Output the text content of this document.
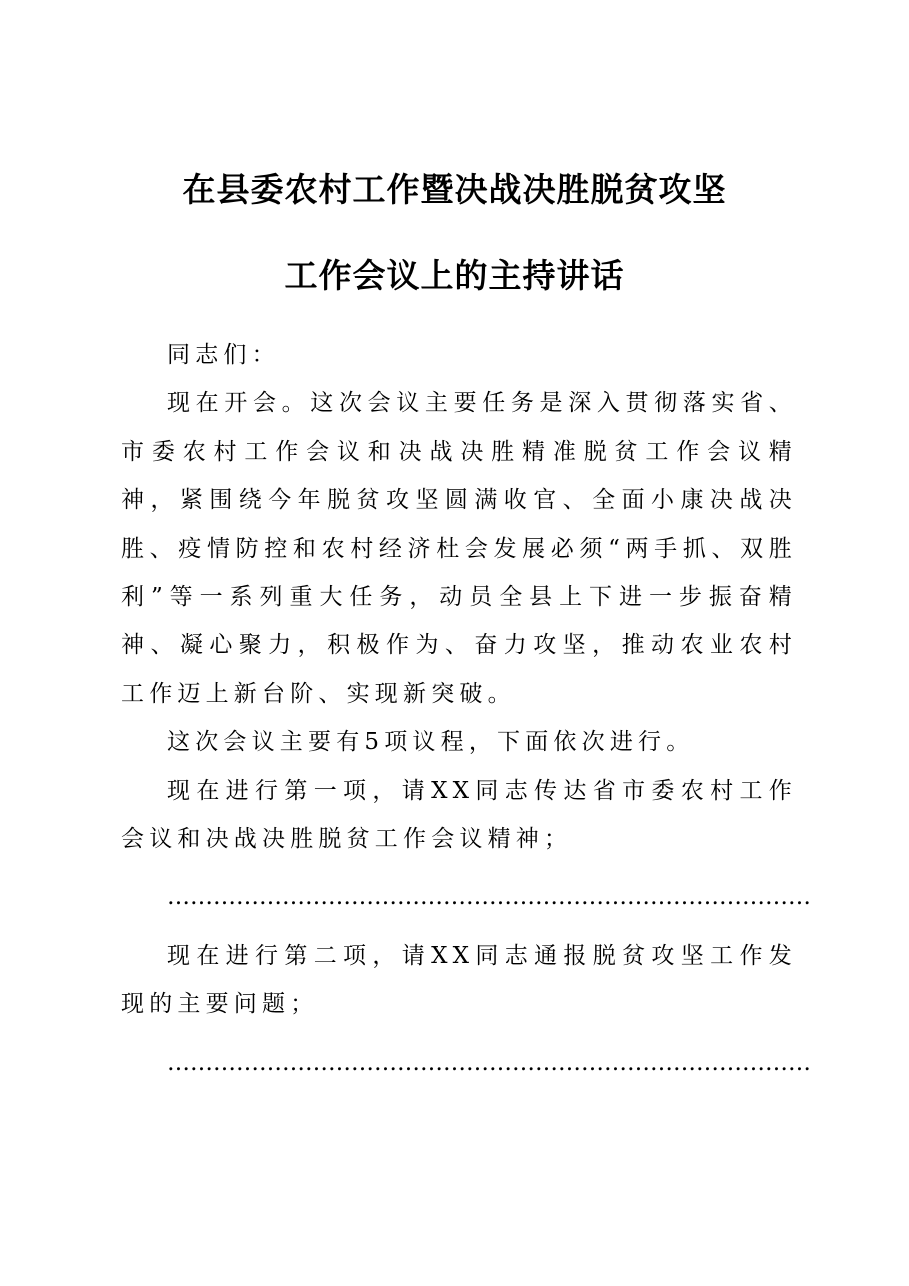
在县委农村工作暨决战决胜脱贫攻坚
工作会议上的主持讲话

同志们：

现在开会。这次会议主要任务是深入贯彻落实省、市委农村工作会议和决战决胜精准脱贫工作会议精神，紧围绕今年脱贫攻坚圆满收官、全面小康决战决胜、疫情防控和农村经济杜会发展必须“两手抓、双胜利”等一系列重大任务，动员全县上下进一步振奋精神、凝心聚力，积极作为、奋力攻坚，推动农业农村工作迈上新台阶、实现新突破。

这次会议主要有5项议程，下面依次进行。

现在进行第一项，请XX同志传达省市委农村工作会议和决战决胜脱贫工作会议精神；

…………………………………………………………………………

现在进行第二项，请XX同志通报脱贫攻坚工作发现的主要问题；

…………………………………………………………………………
